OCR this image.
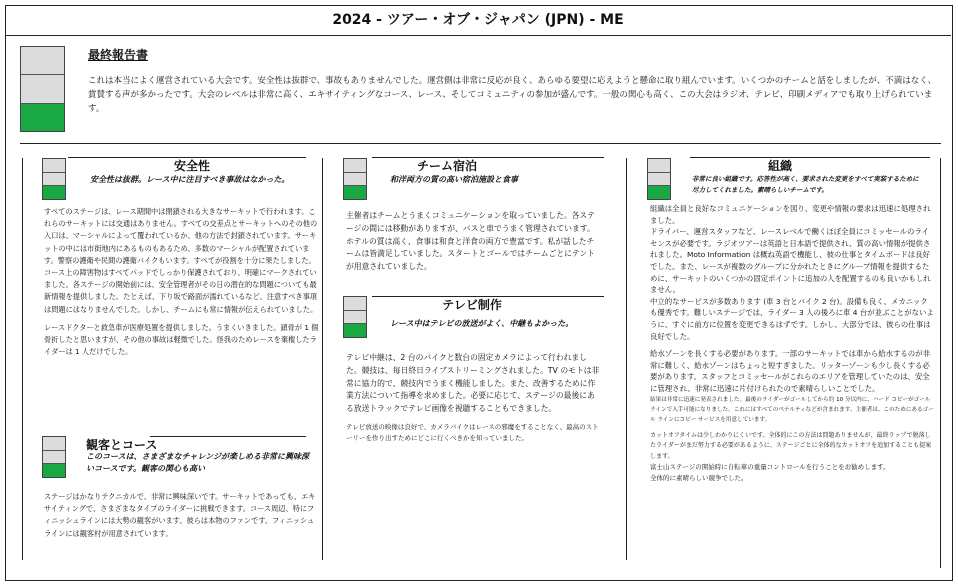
2024 - ツアー・オブ・ジャパン (JPN) - ME
最終報告書
これは本当によく運営されている大会です。安全性は抜群で、事故もありませんでした。運営側は非常に反応が良く、あらゆる要望に応えようと懸命に取り組んでいます。いくつかのチームと話をしましたが、不満はなく、賞賛する声が多かったです。大会のレベルは非常に高く、エキサイティングなコース、レース、そしてコミュニティの参加が盛んです。一般の関心も高く、この大会はラジオ、テレビ、印刷メディアでも取り上げられています。
安全性
安全性は抜群。レース中に注目すべき事故はなかった。

すべてのステージは、レース期間中は閉鎖される大きなサーキットで行われます。これらのサーキットには交通はありません。すべての交差点とサーキットへのその他の入口は、マーシャルによって覆われているか、他の方法で封鎖されています。サーキットの中には市街地内にあるものもあるため、多数のマーシャルが配置されています。警察の護衛や民間の護衛バイクもいます。すべてが役割を十分に果たしました。

コース上の障害物はすべてパッドでしっかり保護されており、明確にマークされていました。各ステージの開始前には、安全管理者がその日の潜在的な問題についても最新情報を提供しました。たとえば、下り坂で路面が濡れているなど、注意すべき事項は問題にはなりませんでした。しかし、チームにも常に情報が伝えられていました。

レースドクターと救急車が医療処置を提供しました。うまくいきました。鎖骨が 1 個骨折したと思いますが、その他の事故は軽微でした。怪我のためレースを棄権したライダーは 1 人だけでした。

観客とコース
このコースは、さまざまなチャレンジが楽しめる非常に興味深いコースです。観客の関心も高い
ステージはかなりテクニカルで、非常に興味深いです。サーキットであっても、エキサイティングで、さまざまなタイプのライダーに挑戦できます。コース周辺、特にフィニッシュラインには大勢の観客がいます。彼らは本物のファンです。フィニッシュラインには観客村が用意されています。
チーム宿泊
和洋両方の質の高い宿泊施設と食事
主催者はチームとうまくコミュニケーションを取っていました。各ステージの間には移動がありますが、バスと車でうまく管理されています。ホテルの質は高く、食事は和食と洋食の両方で豊富です。私が話したチームは皆満足していました。スタートとゴールではチームごとにテントが用意されていました。
テレビ制作
レース中はテレビの放送がよく、中継もよかった。

テレビ中継は、2 台のバイクと数台の固定カメラによって行われました。競技は、毎日終日ライブストリーミングされました。TV のモトは非常に協力的で、競技内でうまく機能しました。また、改善するために作業方法について指導を求めました。必要に応じて、ステージの最後にある放送トラックでテレビ画像を視聴することもできました。

テレビ放送の映像は良好で、カメラバイクはレースの邪魔をすることなく、最高のストーリーを作り出すためにどこに行くべきかを知っていました。

組織
非常に良い組織です。応答性が高く、要求された変更をすべて実装するために尽力してくれました。素晴らしいチームです。

組織は全員と良好なコミュニケーションを図り、変更や情報の要求は迅速に処理されました。

ドライバー、運営スタッフなど、レースレベルで働くほぼ全員にコミッセールのライセンスが必要です。ラジオツアーは英語と日本語で提供され、質の高い情報が提供されました。Moto Information は概ね英語で機能し、彼の仕事とタイムボードは良好でした。また、レースが複数のグループに分かれたときにグループ情報を提供するために、サーキットのいくつかの固定ポイントに追加の人を配置するのも良いかもしれません。

中立的なサービスが多数あります (車 3 台とバイク 2 台)。設備も良く、メカニックも優秀です。難しいステージでは、ライダー 3 人の後ろに車 4 台が並ぶことがないように、すぐに前方に位置を変更できるはずです。しかし、大部分では、彼らの仕事は良好でした。

給水ゾーンを長くする必要があります。一部のサーキットでは車から給水するのが非常に難しく、給水ゾーンはちょっと短すぎました。リッターゾーンも少し長くする必要があります。スタッフとコミッセールがこれらのエリアを管理していたのは、安全に管理され、非常に迅速に片付けられたので素晴らしいことでした。

結果は非常に迅速に発表されました。最後のライダーがゴールしてから約 10 分以内に、ハード コピーがゴール ラインで入手可能になりました。これにはすべてのペナルティなどが含まれます。主催者は、このためにあるゴール ラインにコピー サービスを用意しています。

カットオフタイムは少しわかりにくいです。全体的にこの方法は問題ありませんが、最終ラップで脱落したライダーがまだ努力する必要があるように、ステージごとに全体的なカットオフを追加することも提案します。

富士山ステージの開始時に自転車の重量コントロールを行うことをお勧めします。

全体的に素晴らしい競争でした。
